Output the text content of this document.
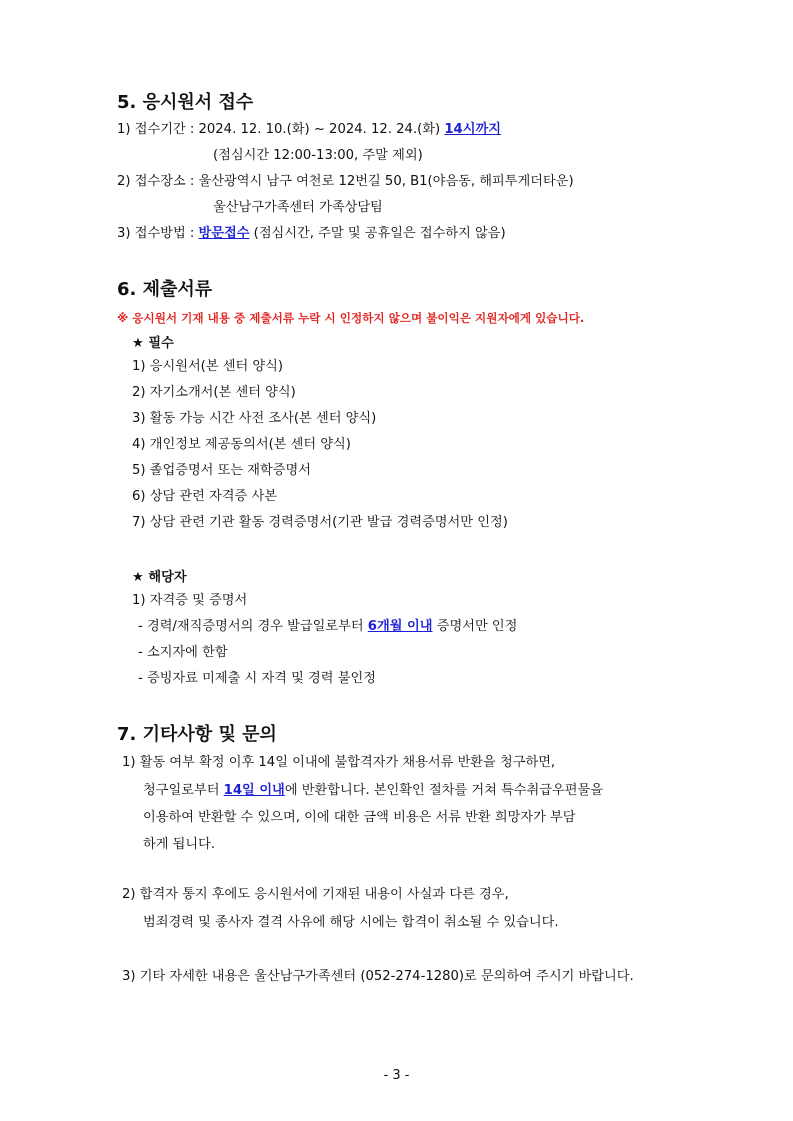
5. 응시원서 접수
1) 접수기간 : 2024. 12. 10.(화) ~ 2024. 12. 24.(화) 14시까지
(점심시간 12:00-13:00, 주말 제외)
2) 접수장소 : 울산광역시 남구 여천로 12번길 50, B1(야음동, 해피투게더타운)
울산남구가족센터 가족상담팀
3) 접수방법 : 방문접수 (점심시간, 주말 및 공휴일은 접수하지 않음)
6. 제출서류
※ 응시원서 기재 내용 중 제출서류 누락 시 인정하지 않으며 불이익은 지원자에게 있습니다.
★ 필수
1) 응시원서(본 센터 양식)
2) 자기소개서(본 센터 양식)
3) 활동 가능 시간 사전 조사(본 센터 양식)
4) 개인정보 제공동의서(본 센터 양식)
5) 졸업증명서 또는 재학증명서
6) 상담 관련 자격증 사본
7) 상담 관련 기관 활동 경력증명서(기관 발급 경력증명서만 인정)
★ 해당자
1) 자격증 및 증명서
- 경력/재직증명서의 경우 발급일로부터 6개월 이내 증명서만 인정
- 소지자에 한함
- 증빙자료 미제출 시 자격 및 경력 불인정
7. 기타사항 및 문의
1) 활동 여부 확정 이후 14일 이내에 불합격자가 채용서류 반환을 청구하면,
청구일로부터 14일 이내에 반환합니다. 본인확인 절차를 거쳐 특수취급우편물을
이용하여 반환할 수 있으며, 이에 대한 금액 비용은 서류 반환 희망자가 부담
하게 됩니다.
2) 합격자 통지 후에도 응시원서에 기재된 내용이 사실과 다른 경우,
범죄경력 및 종사자 결격 사유에 해당 시에는 합격이 취소될 수 있습니다.
3) 기타 자세한 내용은 울산남구가족센터 (052-274-1280)로 문의하여 주시기 바랍니다.
- 3 -
